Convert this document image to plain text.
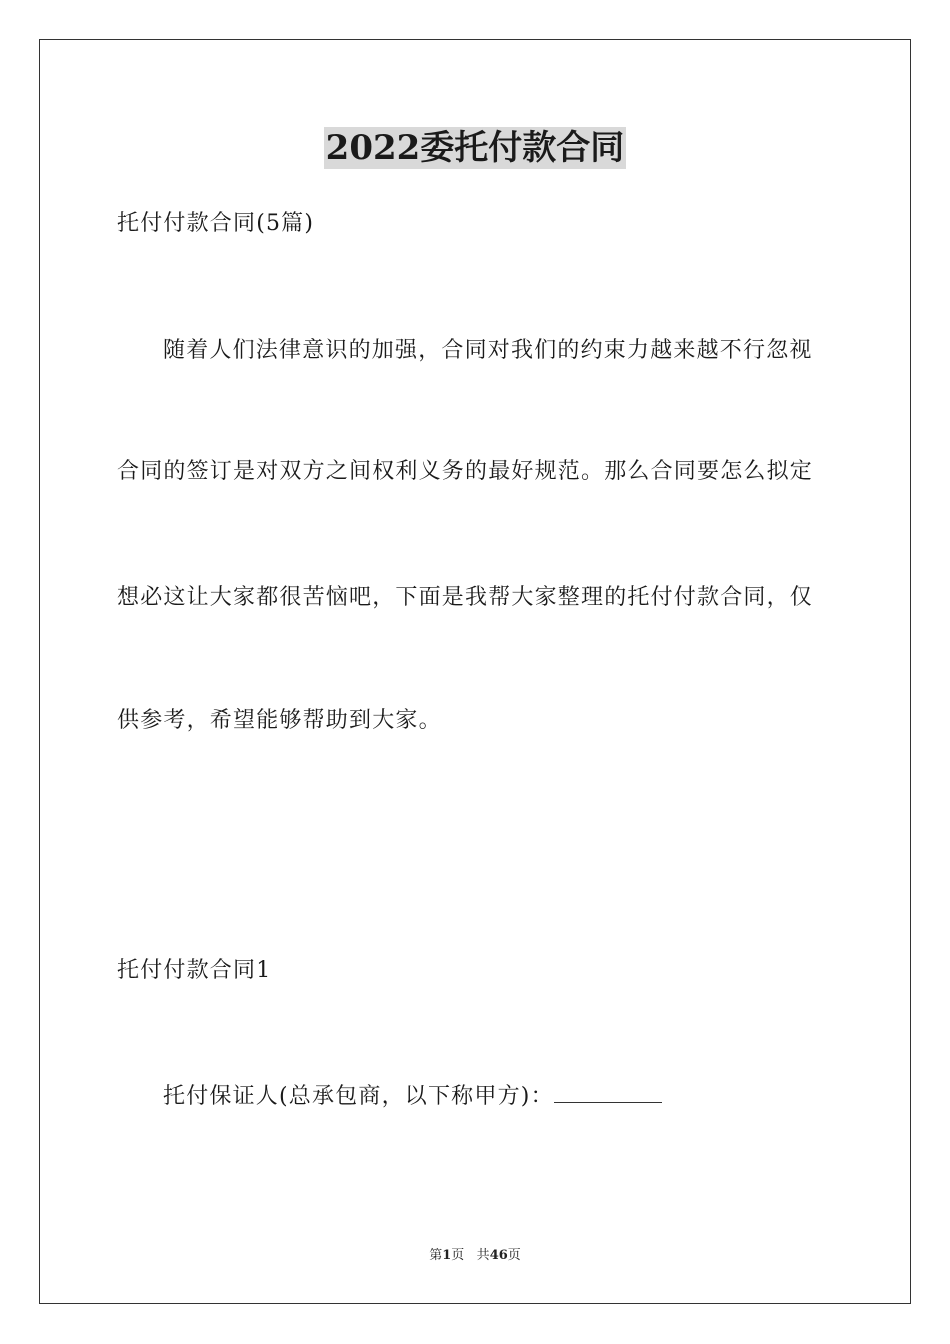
2022委托付款合同
托付付款合同(5篇)
随着人们法律意识的加强，合同对我们的约束力越来越不行忽视
合同的签订是对双方之间权利义务的最好规范。那么合同要怎么拟定
想必这让大家都很苦恼吧，下面是我帮大家整理的托付付款合同，仅
供参考，希望能够帮助到大家。
托付付款合同1
托付保证人(总承包商，以下称甲方)：
第1页 共46页
